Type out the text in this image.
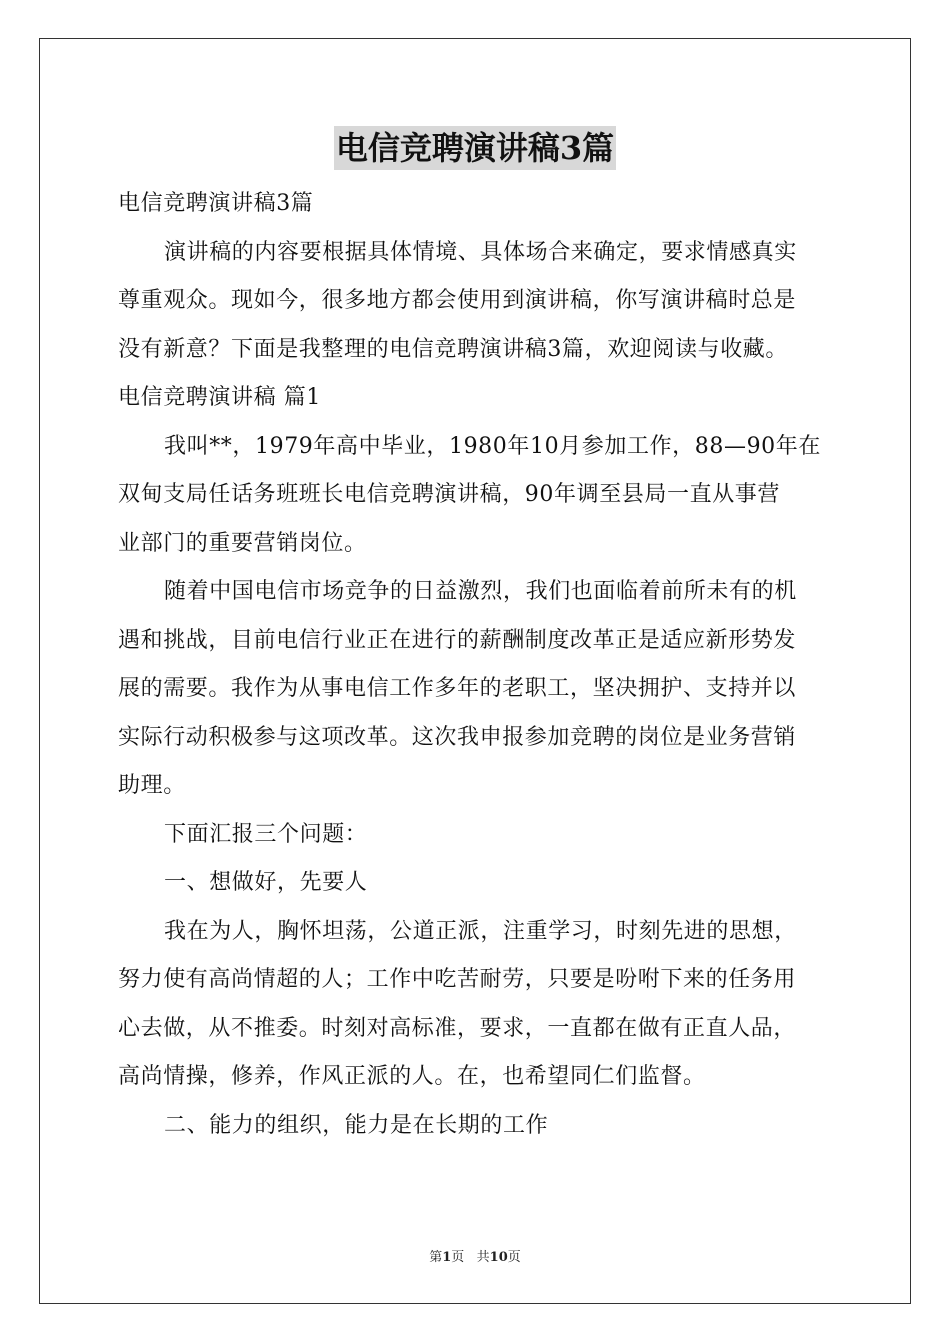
电信竞聘演讲稿3篇
电信竞聘演讲稿3篇
演讲稿的内容要根据具体情境、具体场合来确定，要求情感真实
尊重观众。现如今，很多地方都会使用到演讲稿，你写演讲稿时总是
没有新意？下面是我整理的电信竞聘演讲稿3篇，欢迎阅读与收藏。
电信竞聘演讲稿 篇1
我叫**，1979年高中毕业，1980年10月参加工作，88—90年在
双甸支局任话务班班长电信竞聘演讲稿，90年调至县局一直从事营
业部门的重要营销岗位。
随着中国电信市场竞争的日益激烈，我们也面临着前所未有的机
遇和挑战，目前电信行业正在进行的薪酬制度改革正是适应新形势发
展的需要。我作为从事电信工作多年的老职工，坚决拥护、支持并以
实际行动积极参与这项改革。这次我申报参加竞聘的岗位是业务营销
助理。
下面汇报三个问题：
一、想做好，先要人
我在为人，胸怀坦荡，公道正派，注重学习，时刻先进的思想，
努力使有高尚情超的人；工作中吃苦耐劳，只要是吩咐下来的任务用
心去做，从不推委。时刻对高标准，要求，一直都在做有正直人品，
高尚情操，修养，作风正派的人。在，也希望同仁们监督。
二、能力的组织，能力是在长期的工作
第1页   共10页
